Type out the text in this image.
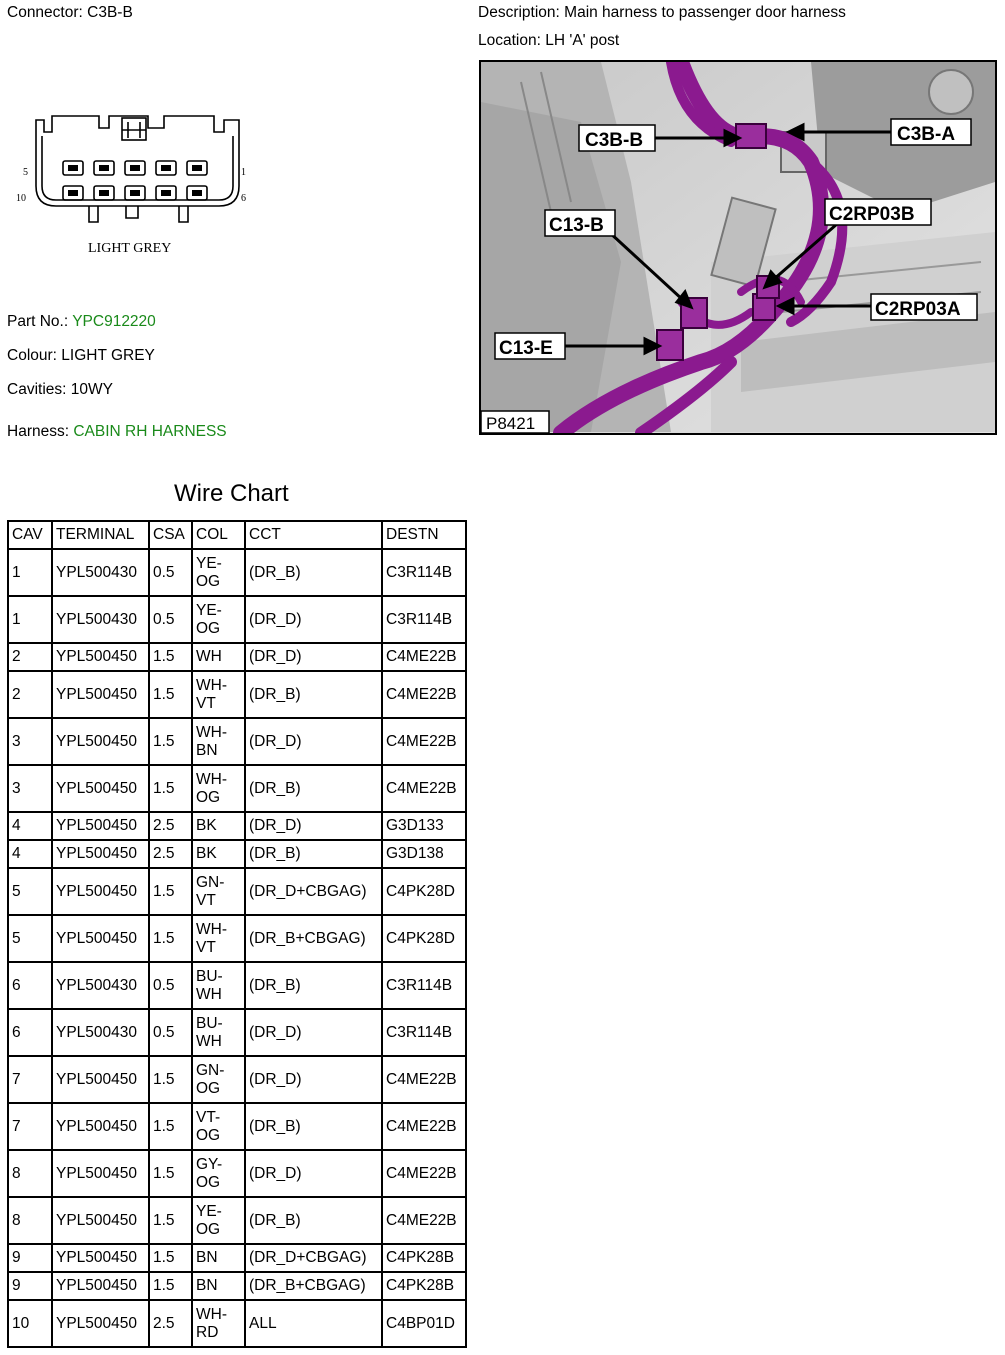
Connector: C3B-B	Description: Main harness to passenger door harness
Location: LH 'A' post
5	1
10	6
LIGHT GREY
Part No.: YPC912220
Colour: LIGHT GREY
Cavities: 10WY
Harness: CABIN RH HARNESS
C3B-B	C3B-A
C13-B
C2RP03B
C2RP03A
C13-E
P8421
Wire Chart
CAV	TERMINAL	CSA	COL	CCT	DESTN
1	YPL500430	0.5	YE-
OG	(DR_B)	C3R114B
1	YPL500430	0.5	YE-
OG	(DR_D)	C3R114B
2	YPL500450	1.5	WH	(DR_D)	C4ME22B
2	YPL500450	1.5	WH-
VT	(DR_B)	C4ME22B
3	YPL500450	1.5	WH-
BN	(DR_D)	C4ME22B
3	YPL500450	1.5	WH-
OG	(DR_B)	C4ME22B
4	YPL500450	2.5	BK	(DR_D)	G3D133
4	YPL500450	2.5	BK	(DR_B)	G3D138
5	YPL500450	1.5	GN-
VT	(DR_D+CBGAG)	C4PK28D
5	YPL500450	1.5	WH-
VT	(DR_B+CBGAG)	C4PK28D
6	YPL500430	0.5	BU-
WH	(DR_B)	C3R114B
6	YPL500430	0.5	BU-
WH	(DR_D)	C3R114B
7	YPL500450	1.5	GN-
OG	(DR_D)	C4ME22B
7	YPL500450	1.5	VT-
OG	(DR_B)	C4ME22B
8	YPL500450	1.5	GY-
OG	(DR_D)	C4ME22B
8	YPL500450	1.5	YE-
OG	(DR_B)	C4ME22B
9	YPL500450	1.5	BN	(DR_D+CBGAG)	C4PK28B
9	YPL500450	1.5	BN	(DR_B+CBGAG)	C4PK28B
10	YPL500450	2.5	WH-
RD	ALL	C4BP01D
